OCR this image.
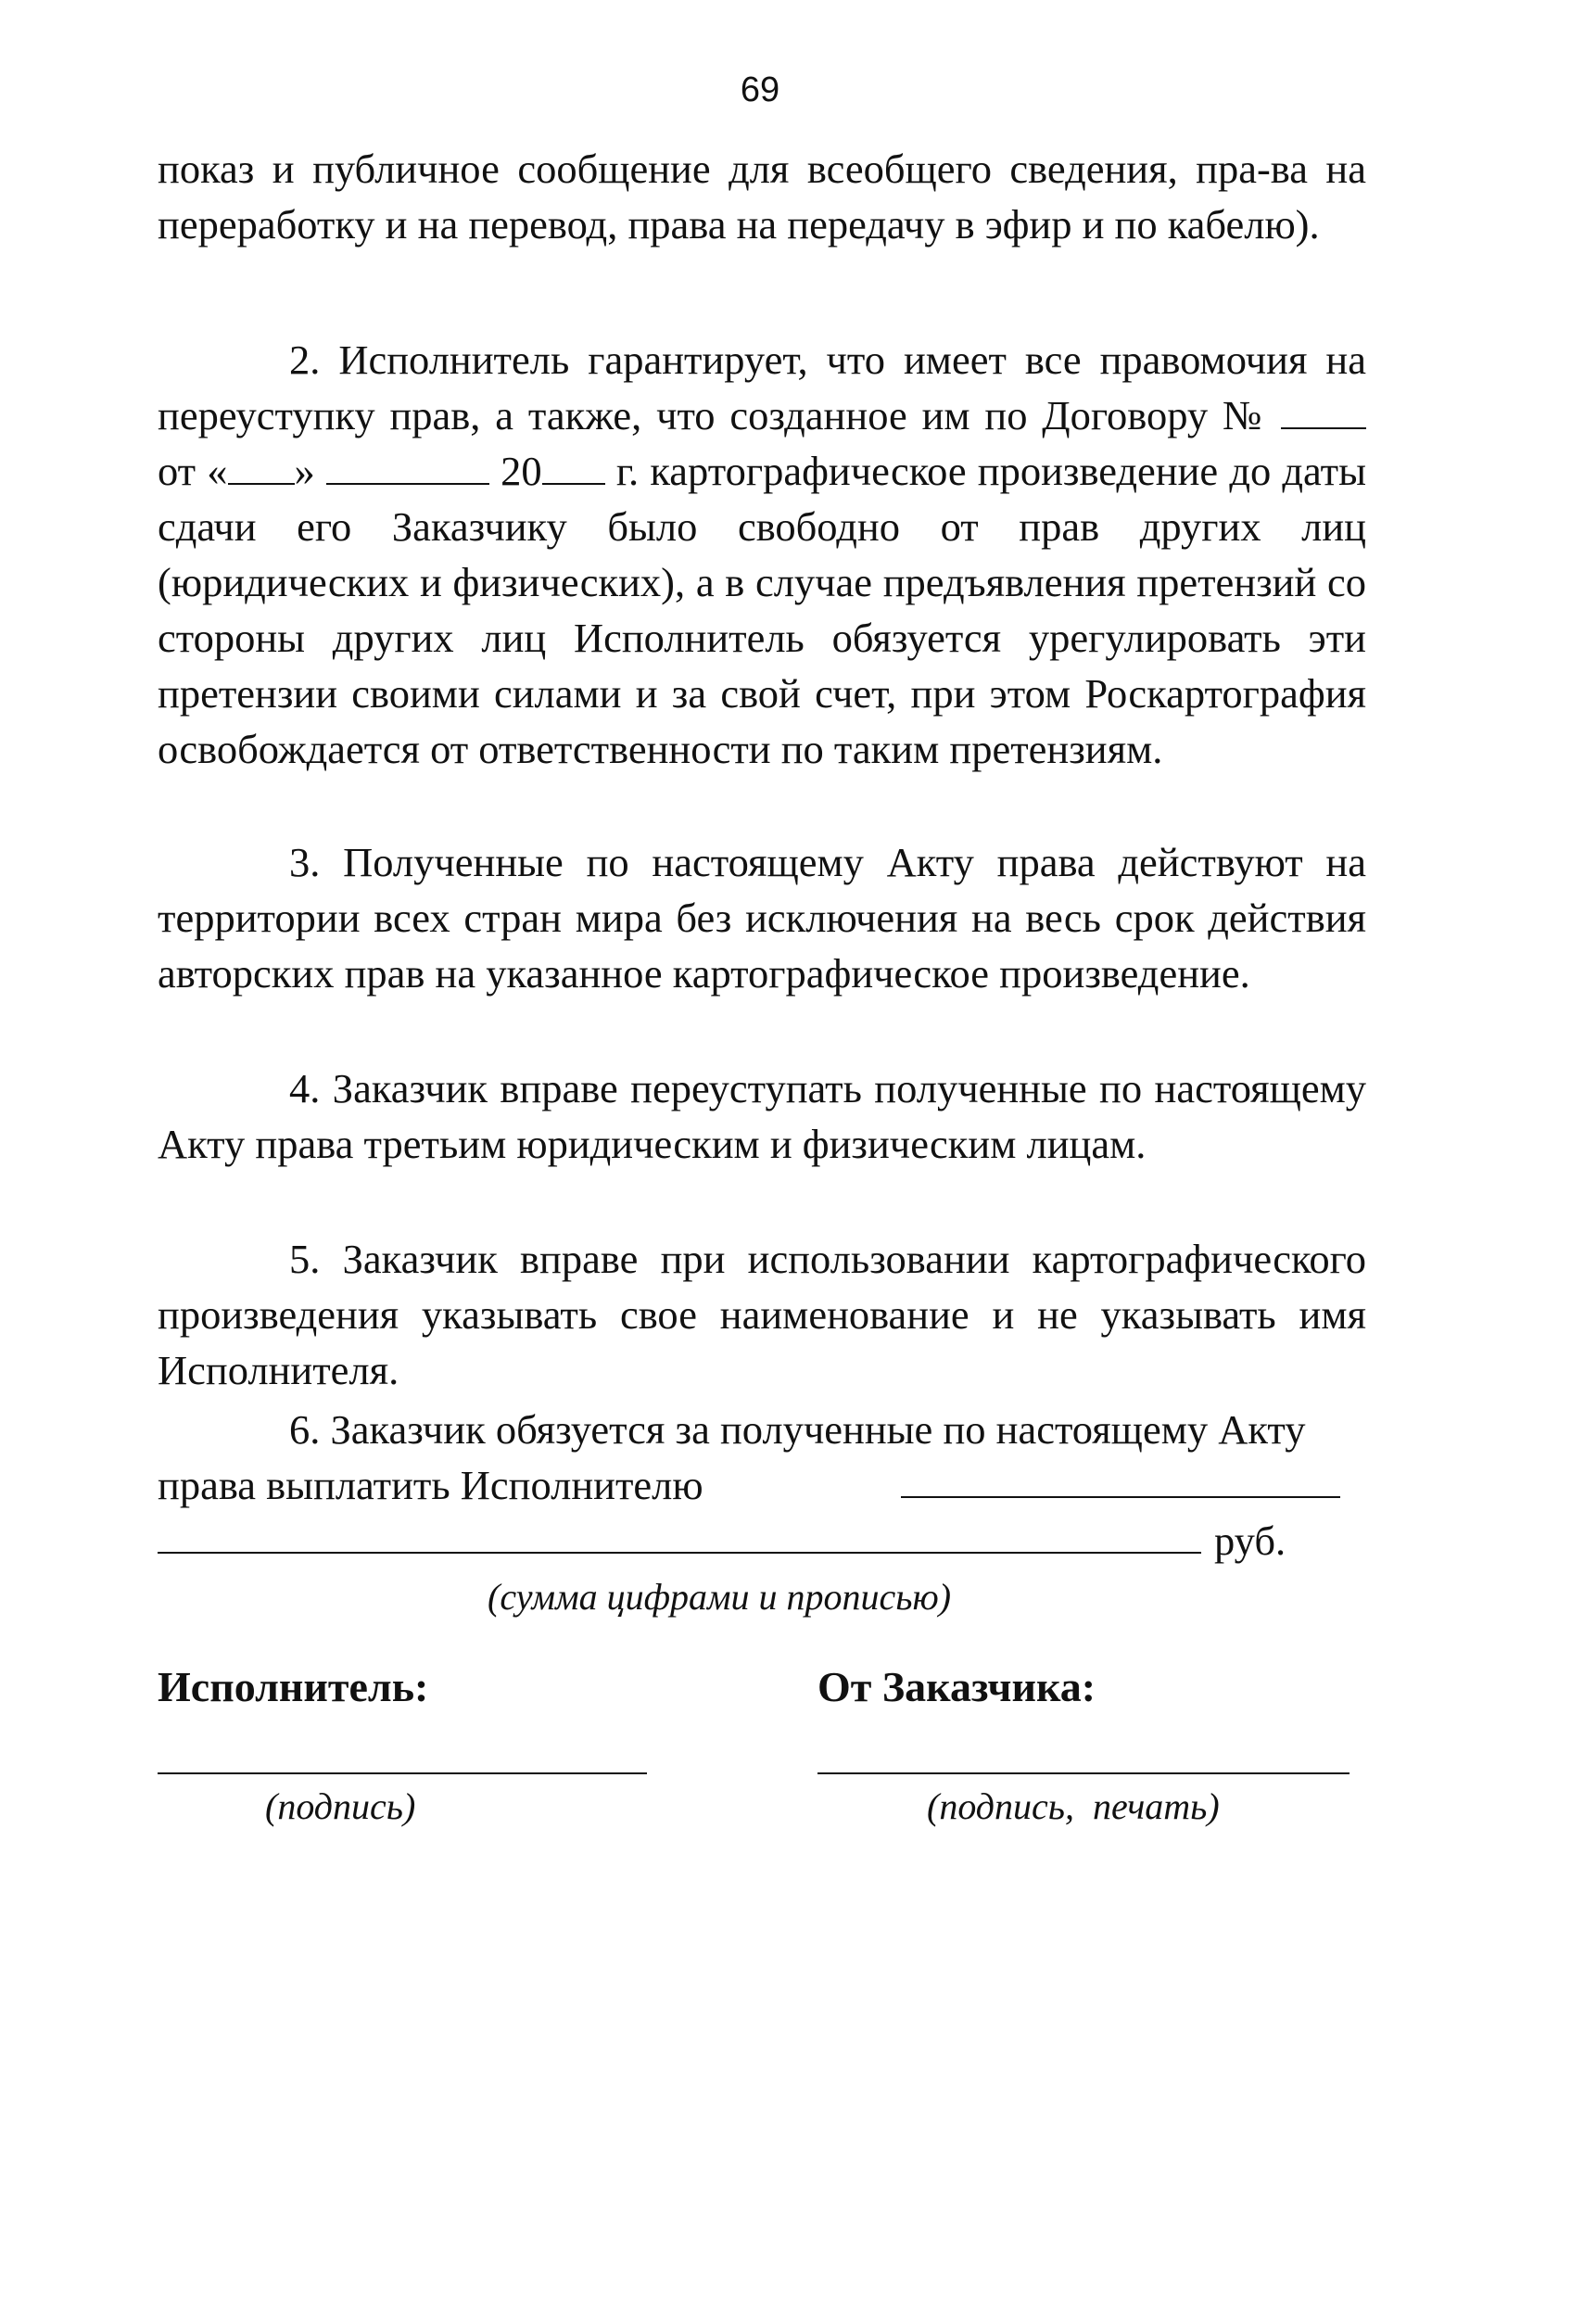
69

показ и публичное сообщение для всеобщего сведения, пра-ва на переработку и на перевод, права на передачу в эфир и по кабелю).

2. Исполнитель гарантирует, что имеет все правомочия на переуступку прав, а также, что созданное им по Договору №  от « »	20 г. картографическое произведение до даты сдачи его Заказчику было свободно от прав других лиц (юридических и физических), а в случае предъявления претензий со стороны других лиц Исполнитель обязуется урегулировать эти претензии своими силами и за свой счет, при этом Роскартография освобождается от ответственности по таким претензиям.

3. Полученные по настоящему Акту права действуют на территории всех стран мира без исключения на весь срок действия авторских прав на указанное картографическое произведение.

4. Заказчик вправе переуступать полученные по настоящему Акту права третьим юридическим и физическим лицам.

5. Заказчик вправе при использовании картографического произведения указывать свое наименование и не указывать имя Исполнителя.

6. Заказчик обязуется за полученные по настоящему Акту права выплатить Исполнителю

руб.
(сумма цифрами и прописью)
Исполнитель:	От Заказчика:
(подпись)	(подпись,  печать)
